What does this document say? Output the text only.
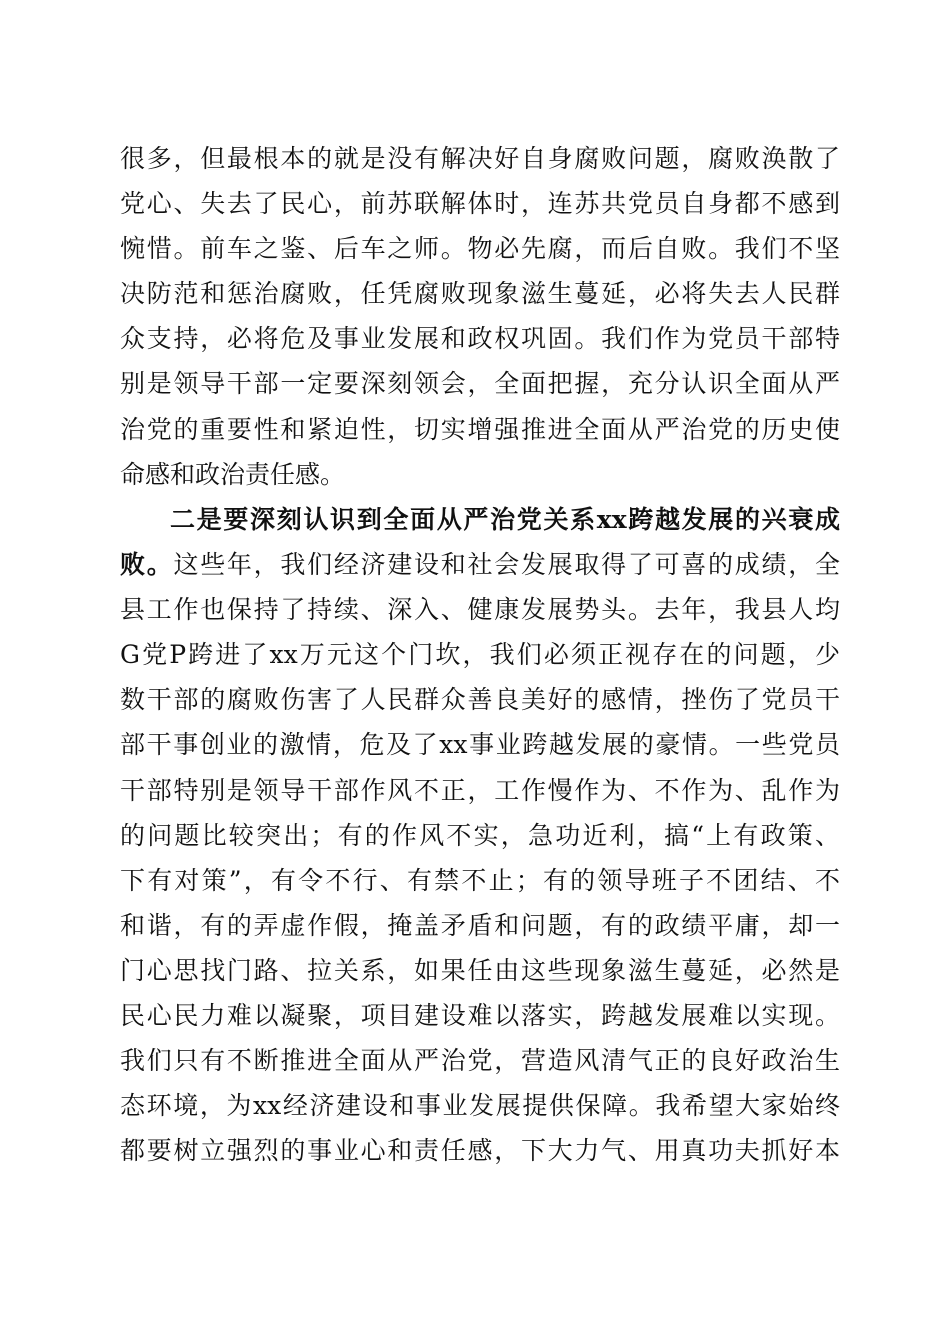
很多，但最根本的就是没有解决好自身腐败问题，腐败涣散了
党心、失去了民心，前苏联解体时，连苏共党员自身都不感到
惋惜。前车之鉴、后车之师。物必先腐，而后自败。我们不坚
决防范和惩治腐败，任凭腐败现象滋生蔓延，必将失去人民群
众支持，必将危及事业发展和政权巩固。我们作为党员干部特
别是领导干部一定要深刻领会，全面把握，充分认识全面从严
治党的重要性和紧迫性，切实增强推进全面从严治党的历史使
命感和政治责任感。
二是要深刻认识到全面从严治党关系xx跨越发展的兴衰成
败。这些年，我们经济建设和社会发展取得了可喜的成绩，全
县工作也保持了持续、深入、健康发展势头。去年，我县人均
G党P跨进了xx万元这个门坎，我们必须正视存在的问题，少
数干部的腐败伤害了人民群众善良美好的感情，挫伤了党员干
部干事创业的激情，危及了xx事业跨越发展的豪情。一些党员
干部特别是领导干部作风不正，工作慢作为、不作为、乱作为
的问题比较突出；有的作风不实，急功近利，搞“上有政策、
下有对策”，有令不行、有禁不止；有的领导班子不团结、不
和谐，有的弄虚作假，掩盖矛盾和问题，有的政绩平庸，却一
门心思找门路、拉关系，如果任由这些现象滋生蔓延，必然是
民心民力难以凝聚，项目建设难以落实，跨越发展难以实现。
我们只有不断推进全面从严治党，营造风清气正的良好政治生
态环境，为xx经济建设和事业发展提供保障。我希望大家始终
都要树立强烈的事业心和责任感，下大力气、用真功夫抓好本
